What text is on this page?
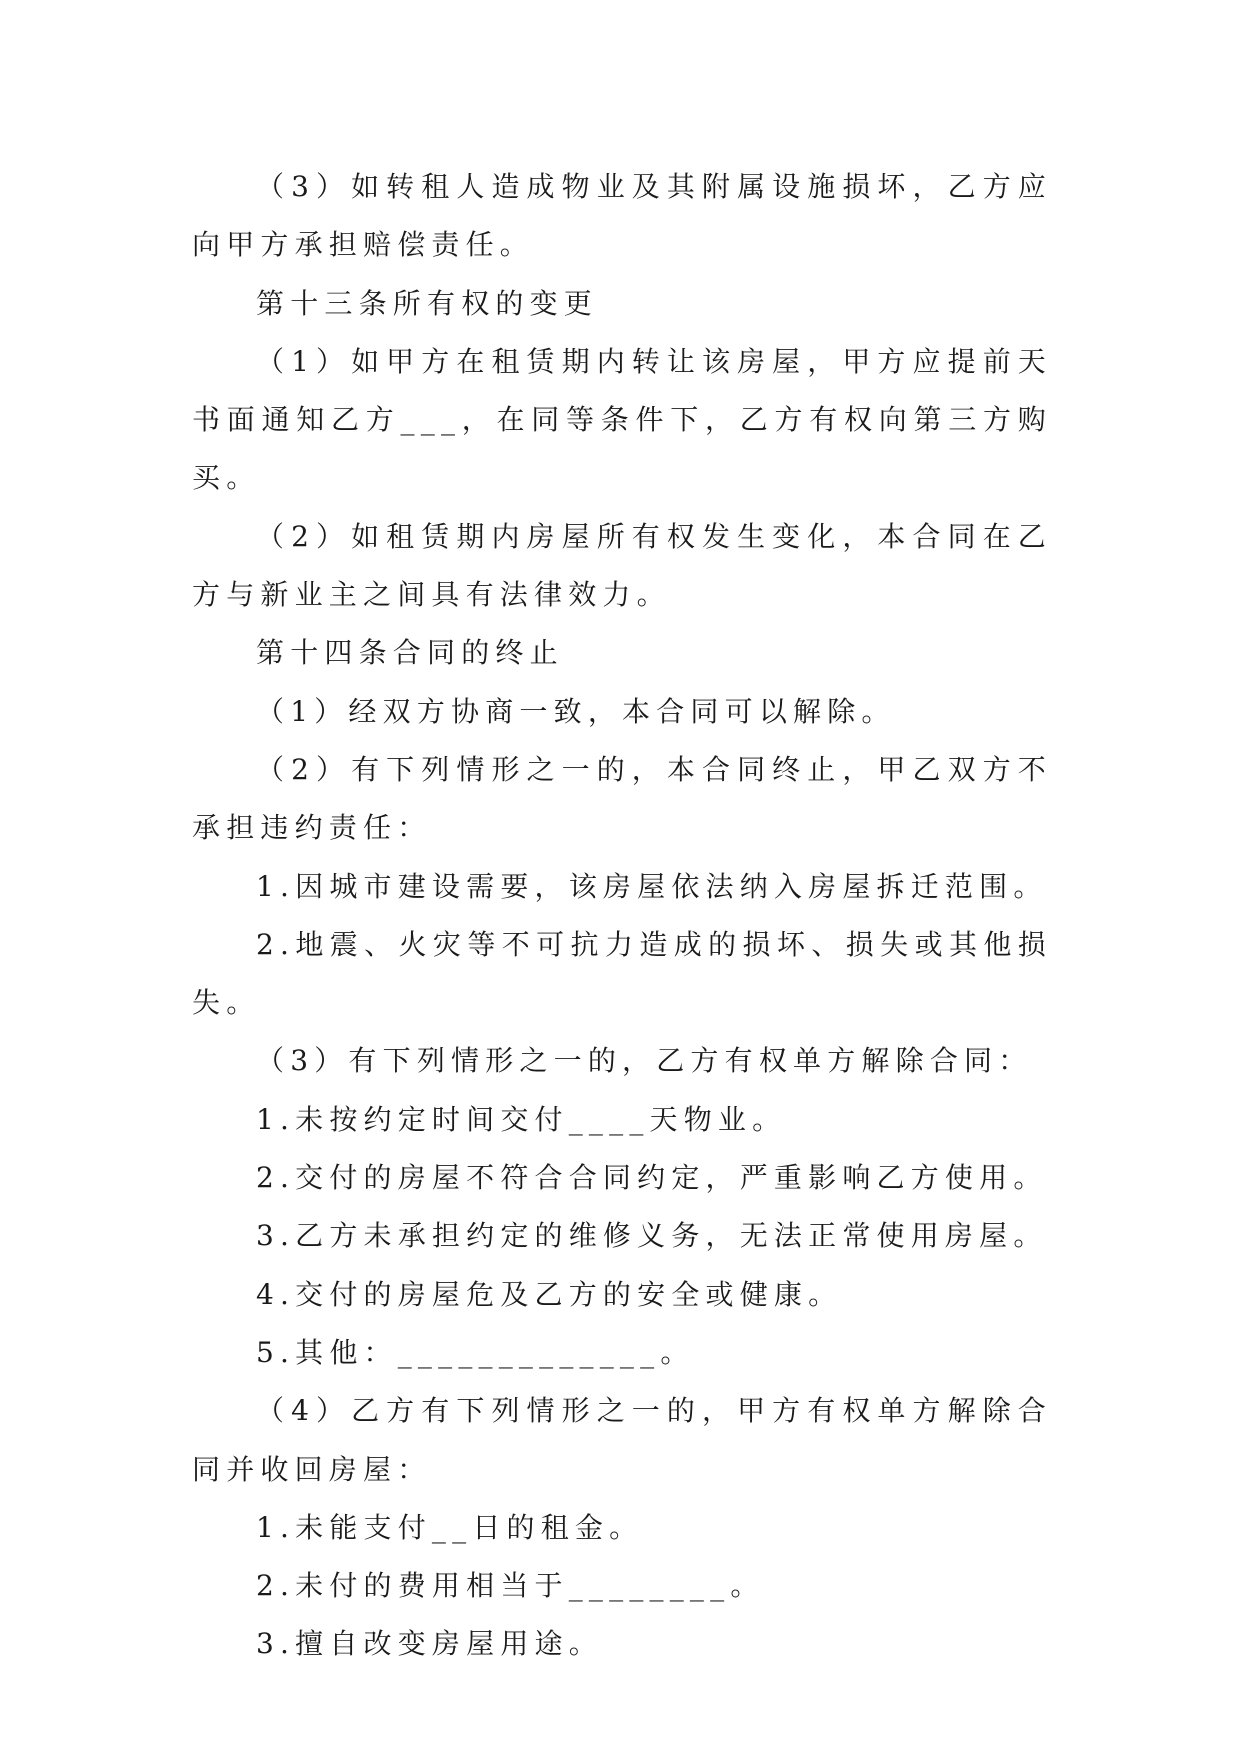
（3）如转租人造成物业及其附属设施损坏，乙方应向甲方承担赔偿责任。

第十三条所有权的变更

（1）如甲方在租赁期内转让该房屋，甲方应提前天书面通知乙方___，在同等条件下，乙方有权向第三方购买。

（2）如租赁期内房屋所有权发生变化，本合同在乙方与新业主之间具有法律效力。

第十四条合同的终止

（1）经双方协商一致，本合同可以解除。

（2）有下列情形之一的，本合同终止，甲乙双方不承担违约责任：

1.因城市建设需要，该房屋依法纳入房屋拆迁范围。

2.地震、火灾等不可抗力造成的损坏、损失或其他损失。

（3）有下列情形之一的，乙方有权单方解除合同：

1.未按约定时间交付____天物业。

2.交付的房屋不符合合同约定，严重影响乙方使用。

3.乙方未承担约定的维修义务，无法正常使用房屋。

4.交付的房屋危及乙方的安全或健康。

5.其他：_____________。

（4）乙方有下列情形之一的，甲方有权单方解除合同并收回房屋：

1.未能支付__日的租金。

2.未付的费用相当于________。

3.擅自改变房屋用途。
